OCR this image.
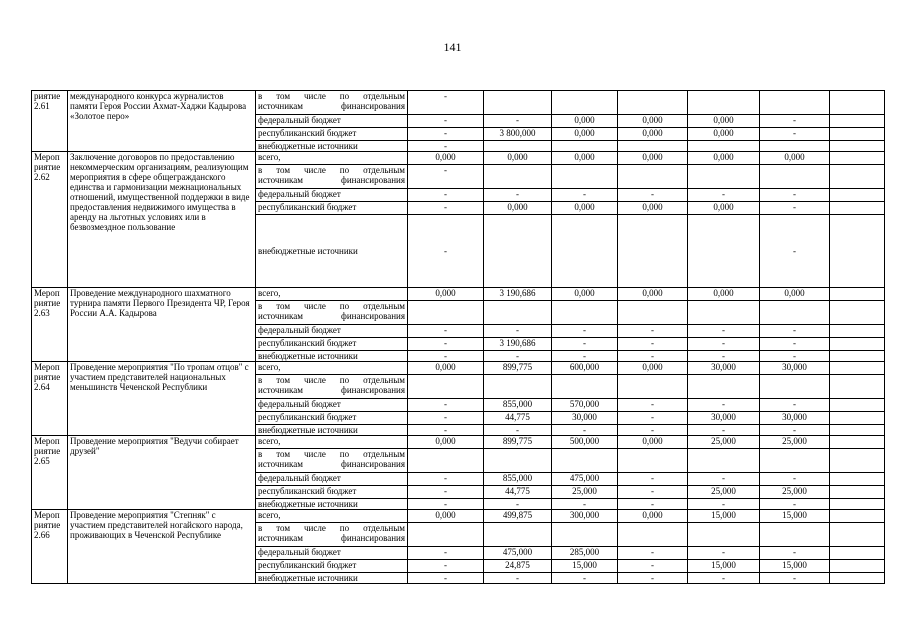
141
риятие 2.61	международного конкурса журналистов памяти Героя России Ахмат-Хаджи Кадырова «Золотое перо»	в том числе по отдельным источникам финансирования	-						
		федеральный бюджет	-	-	0,000	0,000	0,000	-	
		республиканский бюджет	-	3 800,000	0,000	0,000	0,000	-	
		внебюджетные источники	-						
Мероп риятие 2.62	Заключение договоров по предоставлению некоммерческим организациям, реализующим мероприятия в сфере общегражданского единства и гармонизации межнациональных отношений, имущественной поддержки в виде предоставления недвижимого имущества в аренду на льготных условиях или в безвозмездное пользование	всего,	0,000	0,000	0,000	0,000	0,000	0,000	
		в том числе по отдельным источникам финансирования	-						
		федеральный бюджет	-	-	-	-	-	-	
		республиканский бюджет	-	0,000	0,000	0,000	0,000	-	
		внебюджетные источники	-					-	
Мероп риятие 2.63	Проведение международного шахматного турнира памяти Первого Президента ЧР, Героя России А.А. Кадырова	всего,	0,000	3 190,686	0,000	0,000	0,000	0,000	
		в том числе по отдельным источникам финансирования							
		федеральный бюджет	-	-	-	-	-	-	
		республиканский бюджет	-	3 190,686	-	-	-	-	
		внебюджетные источники	-	-	-	-	-	-	
Мероп риятие 2.64	Проведение мероприятия "По тропам отцов" с участием представителей национальных меньшинств Чеченской Республики	всего,	0,000	899,775	600,000	0,000	30,000	30,000	
		в том числе по отдельным источникам финансирования							
		федеральный бюджет	-	855,000	570,000	-	-	-	
		республиканский бюджет	-	44,775	30,000	-	30,000	30,000	
		внебюджетные источники	-	-	-	-	-	-	
Мероп риятие 2.65	Проведение мероприятия "Ведучи собирает друзей"	всего,	0,000	899,775	500,000	0,000	25,000	25,000	
		в том числе по отдельным источникам финансирования							
		федеральный бюджет	-	855,000	475,000	-	-	-	
		республиканский бюджет	-	44,775	25,000	-	25,000	25,000	
		внебюджетные источники	-	-	-	-	-	-	
Мероп риятие 2.66	Проведение мероприятия "Степняк" с участием представителей ногайского народа, проживающих в Чеченской Республике	всего,	0,000	499,875	300,000	0,000	15,000	15,000	
		в том числе по отдельным источникам финансирования							
		федеральный бюджет	-	475,000	285,000	-	-	-	
		республиканский бюджет	-	24,875	15,000	-	15,000	15,000	
		внебюджетные источники	-	-	-	-	-	-	
